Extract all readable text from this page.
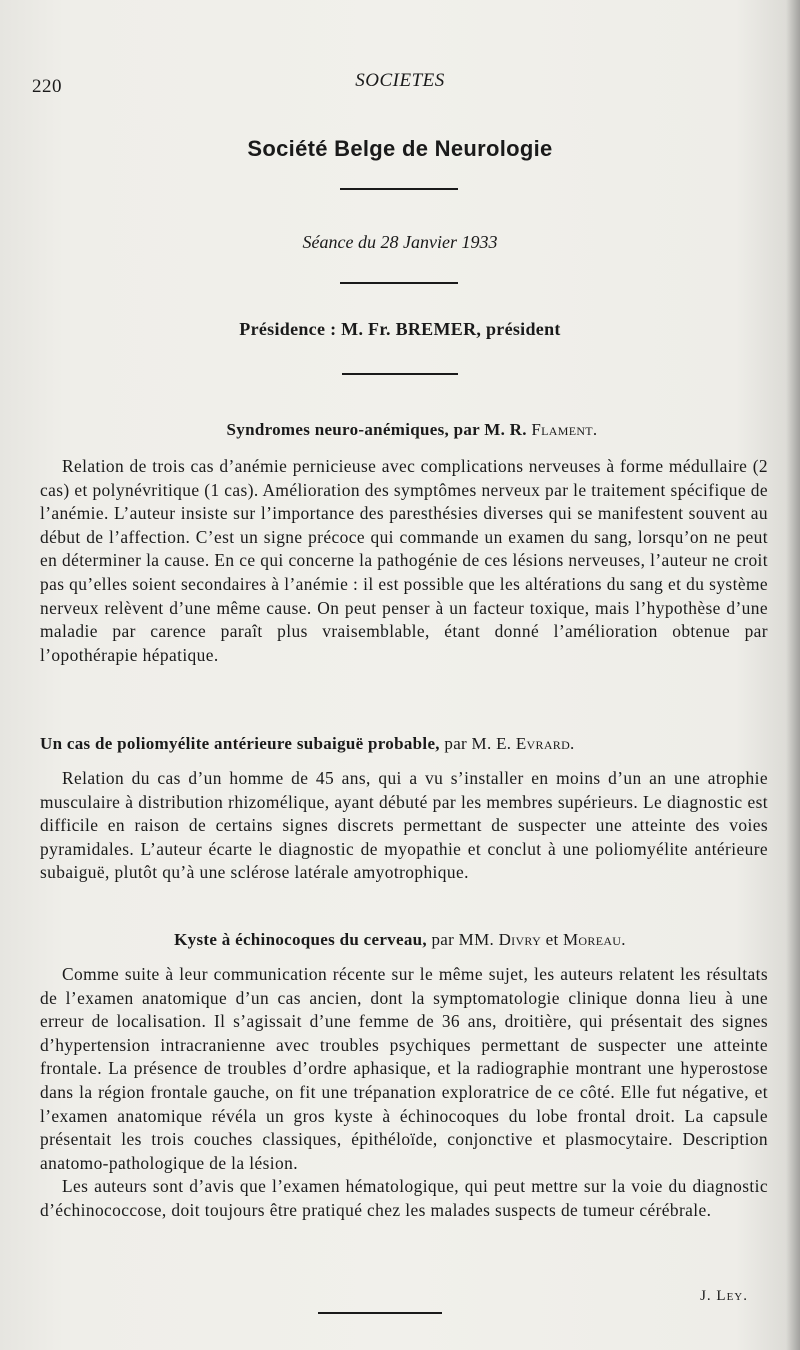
220	SOCIETES
Société Belge de Neurologie
Séance du 28 Janvier 1933
Présidence : M. Fr. BREMER, président
Syndromes neuro-anémiques, par M. R. Flament.

Relation de trois cas d’anémie pernicieuse avec complications nerveuses à forme médullaire (2 cas) et polynévritique (1 cas). Amélioration des symptômes nerveux par le traitement spécifique de l’anémie. L’auteur insiste sur l’importance des paresthésies diverses qui se manifestent souvent au début de l’affection. C’est un signe précoce qui commande un examen du sang, lorsqu’on ne peut en déterminer la cause. En ce qui concerne la pathogénie de ces lésions nerveuses, l’auteur ne croit pas qu’elles soient secondaires à l’anémie : il est possible que les altérations du sang et du système nerveux relèvent d’une même cause. On peut penser à un facteur toxique, mais l’hypothèse d’une maladie par carence paraît plus vraisemblable, étant donné l’amélioration obtenue par l’opothérapie hépatique.

Un cas de poliomyélite antérieure subaiguë probable, par M. E. Evrard.

Relation du cas d’un homme de 45 ans, qui a vu s’installer en moins d’un an une atrophie musculaire à distribution rhizomélique, ayant débuté par les membres supérieurs. Le diagnostic est difficile en raison de certains signes discrets permettant de suspecter une atteinte des voies pyramidales. L’auteur écarte le diagnostic de myopathie et conclut à une poliomyélite antérieure subaiguë, plutôt qu’à une sclérose latérale amyotrophique.

Kyste à échinocoques du cerveau, par MM. Divry et Moreau.

Comme suite à leur communication récente sur le même sujet, les auteurs relatent les résultats de l’examen anatomique d’un cas ancien, dont la symptomatologie clinique donna lieu à une erreur de localisation. Il s’agissait d’une femme de 36 ans, droitière, qui présentait des signes d’hypertension intracranienne avec troubles psychiques permettant de suspecter une atteinte frontale. La présence de troubles d’ordre aphasique, et la radiographie montrant une hyperostose dans la région frontale gauche, on fit une trépanation exploratrice de ce côté. Elle fut négative, et l’examen anatomique révéla un gros kyste à échinocoques du lobe frontal droit. La capsule présentait les trois couches classiques, épithéloïde, conjonctive et plasmocytaire. Description anatomo-pathologique de la lésion.

Les auteurs sont d’avis que l’examen hématologique, qui peut mettre sur la voie du diagnostic d’échinococcose, doit toujours être pratiqué chez les malades suspects de tumeur cérébrale.

J. Ley.
